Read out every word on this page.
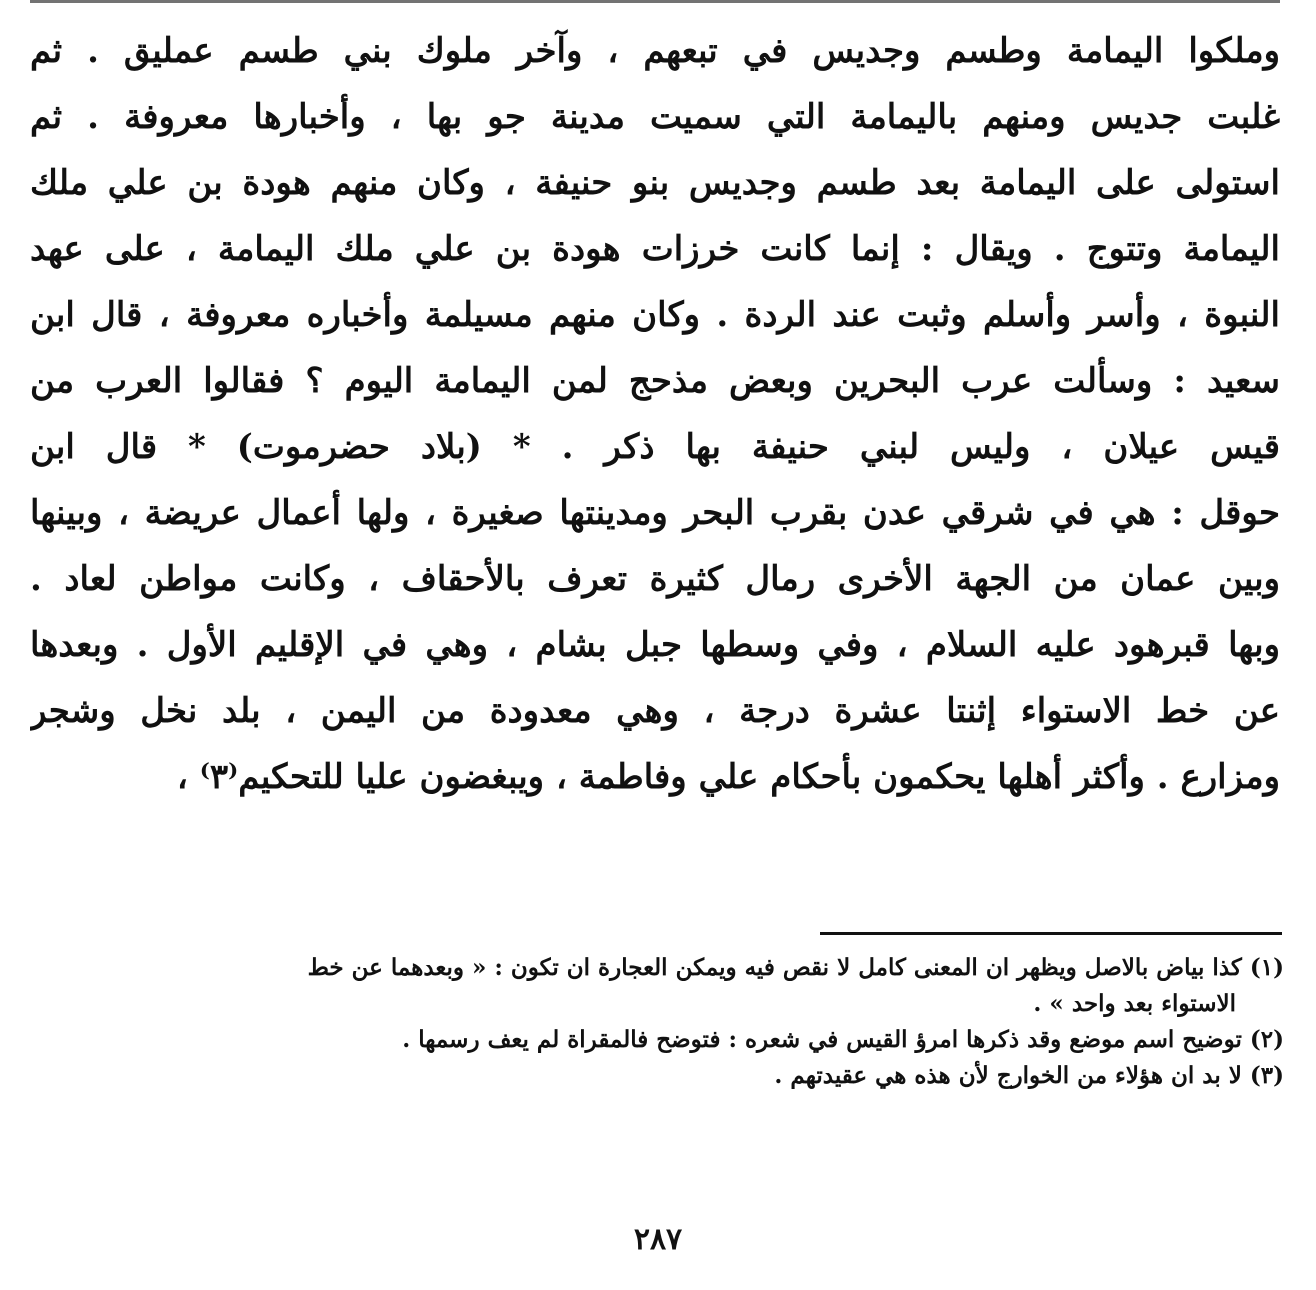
وملكوا اليمامة وطسم وجديس في تبعهم ، وآخر ملوك بني طسم عمليق . ثم
غلبت جديس ومنهم باليمامة التي سميت مدينة جو بها ، وأخبارها معروفة . ثم
استولى على اليمامة بعد طسم وجديس بنو حنيفة ، وكان منهم هودة بن علي ملك
اليمامة وتتوج . ويقال : إنما كانت خرزات هودة بن علي ملك اليمامة ، على عهد
النبوة ، وأسر وأسلم وثبت عند الردة . وكان منهم مسيلمة وأخباره معروفة ، قال ابن
سعيد : وسألت عرب البحرين وبعض مذحج لمن اليمامة اليوم ؟ فقالوا العرب من
قيس عيلان ، وليس لبني حنيفة بها ذكر . * (بلاد حضرموت) * قال ابن
حوقل : هي في شرقي عدن بقرب البحر ومدينتها صغيرة ، ولها أعمال عريضة ، وبينها
وبين عمان من الجهة الأخرى رمال كثيرة تعرف بالأحقاف ، وكانت مواطن لعاد .
وبها قبرهود عليه السلام ، وفي وسطها جبل بشام ، وهي في الإقليم الأول . وبعدها
عن خط الاستواء إثنتا عشرة درجة ، وهي معدودة من اليمن ، بلد نخل وشجر
ومزارع . وأكثر أهلها يحكمون بأحكام علي وفاطمة ، ويبغضون عليا للتحكيم⁽٣⁾ ،
(١) كذا بياض بالاصل ويظهر ان المعنى كامل لا نقص فيه ويمكن العجارة ان تكون : « وبعدهما عن خط
الاستواء بعد واحد » .
(٢) توضيح اسم موضع وقد ذكرها امرؤ القيس في شعره : فتوضح فالمقراة لم يعف رسمها .
(٣) لا بد ان هؤلاء من الخوارج لأن هذه هي عقيدتهم .
٢٨٧
